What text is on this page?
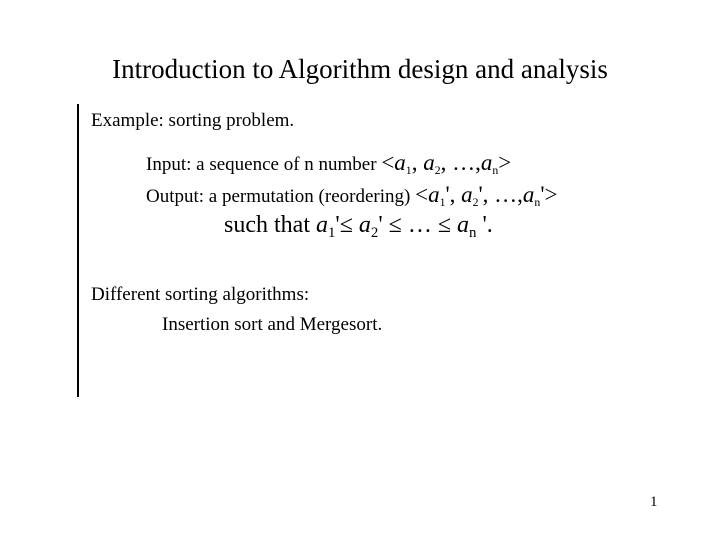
Introduction to Algorithm design and analysis
Example: sorting problem.
Input: a sequence of n number $<a_1$, $a_2$, $\dots,a_n>$
Output: a permutation (reordering) $<a_1'$, $a_2'$, $\dots,a_n'>$
such that $a_1'\le a_2'$ ≤ … ≤ $a_n$ '.
Different sorting algorithms:
Insertion sort and Mergesort.
1
